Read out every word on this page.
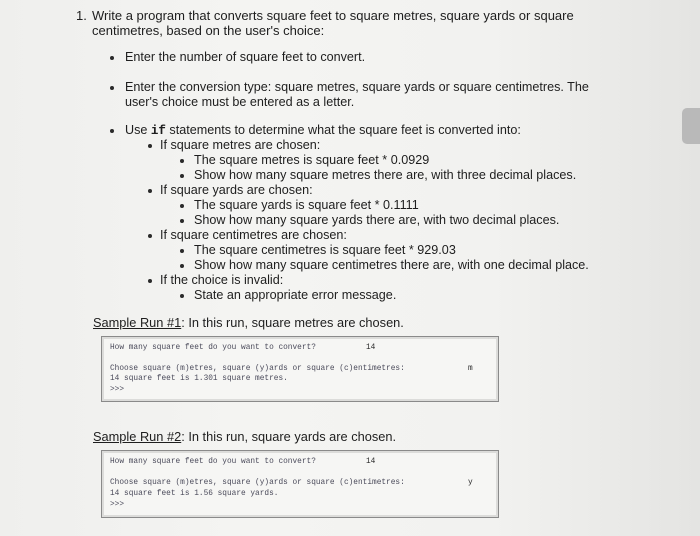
1. Write a program that converts square feet to square metres, square yards or square
centimetres, based on the user's choice:
Enter the number of square feet to convert.
Enter the conversion type: square metres, square yards or square centimetres. The
user's choice must be entered as a letter.
Use if statements to determine what the square feet is converted into:
If square metres are chosen:
The square metres is square feet * 0.0929
Show how many square metres there are, with three decimal places.
If square yards are chosen:
The square yards is square feet * 0.1111
Show how many square yards there are, with two decimal places.
If square centimetres are chosen:
The square centimetres is square feet * 929.03
Show how many square centimetres there are, with one decimal place.
If the choice is invalid:
State an appropriate error message.
Sample Run #1: In this run, square metres are chosen.
How many square feet do you want to convert?	14
Choose square (m)etres, square (y)ards or square (c)entimetres:	m
14 square feet is 1.301 square metres.
>>>
Sample Run #2: In this run, square yards are chosen.
How many square feet do you want to convert?	14
Choose square (m)etres, square (y)ards or square (c)entimetres:	y
14 square feet is 1.56 square yards.
>>>
